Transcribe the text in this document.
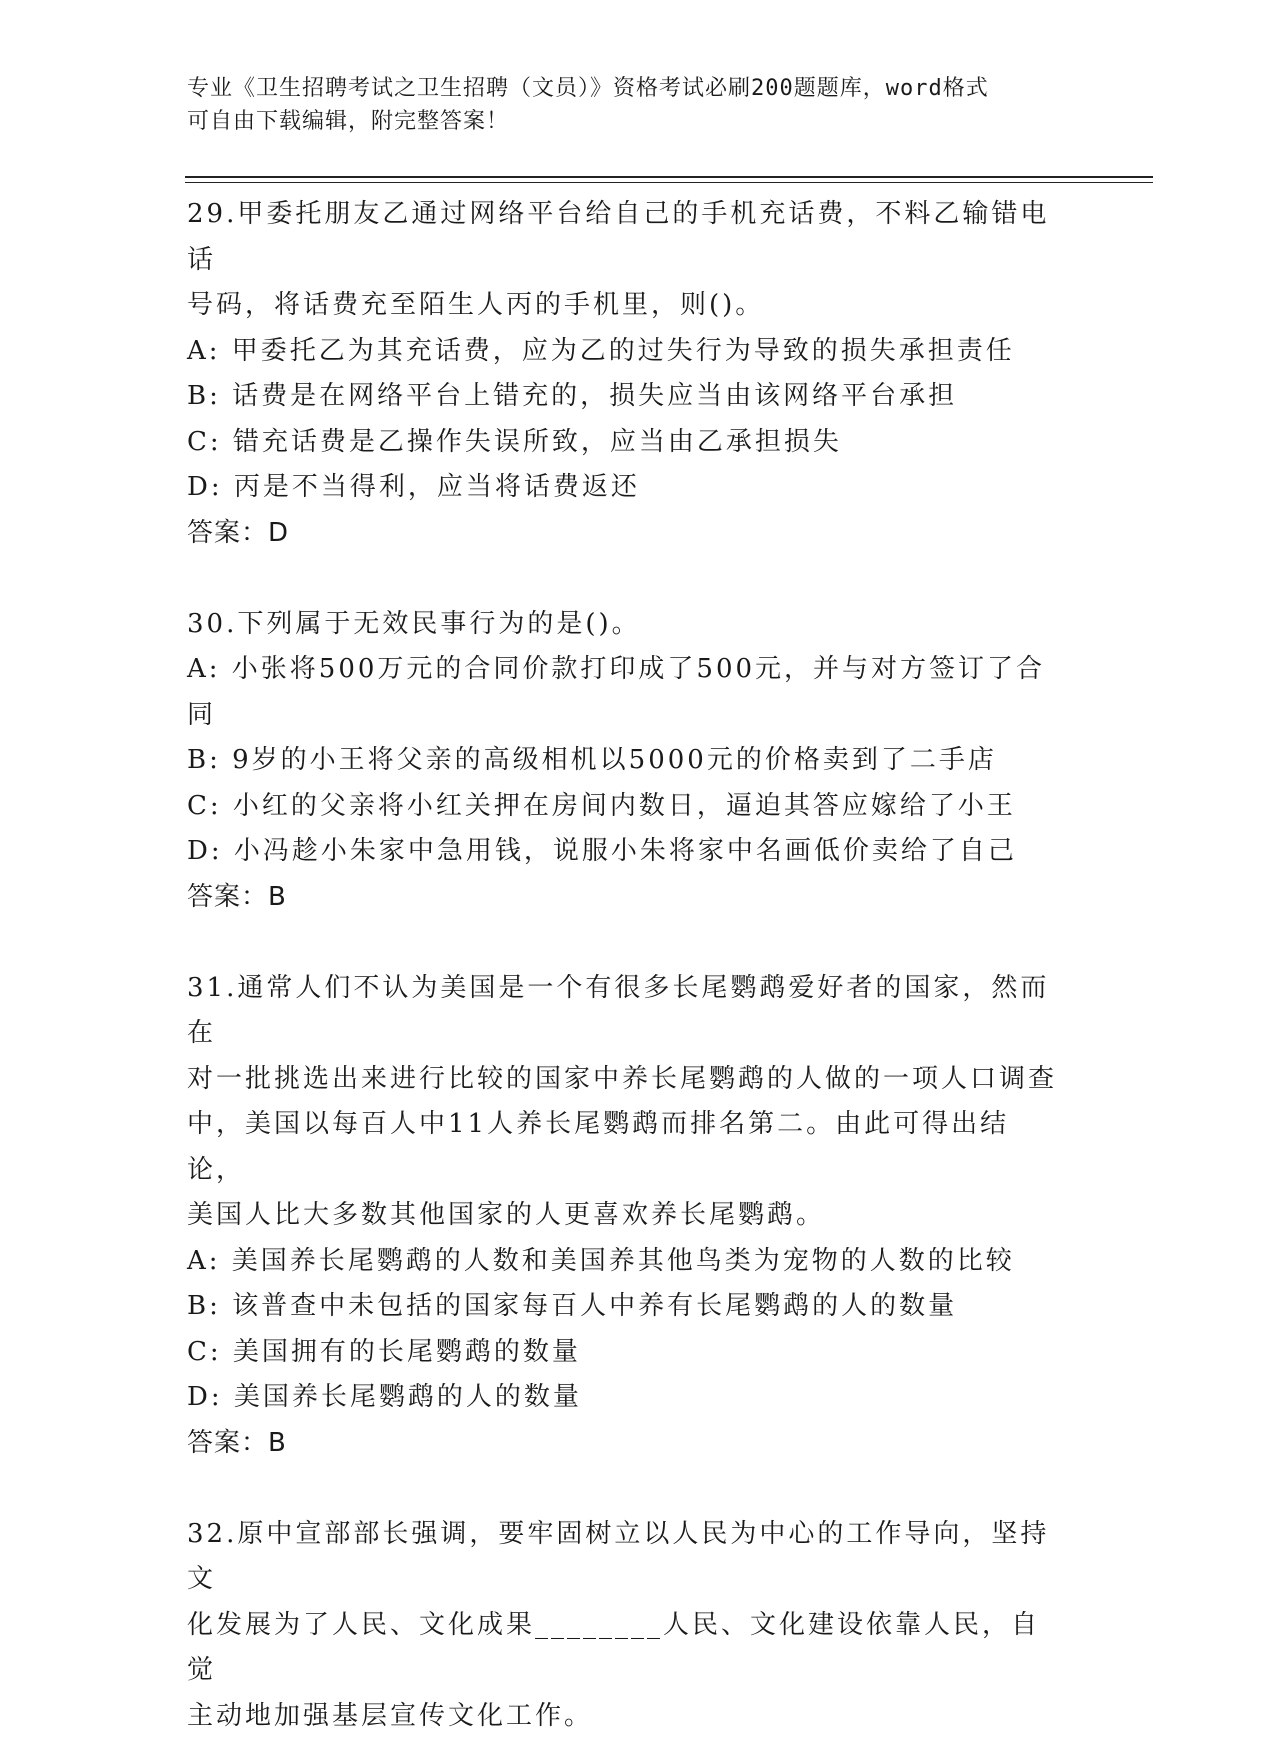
专业《卫生招聘考试之卫生招聘（文员）》资格考试必刷200题题库，word格式
可自由下载编辑，附完整答案！

29.甲委托朋友乙通过网络平台给自己的手机充话费，不料乙输错电话

号码，将话费充至陌生人丙的手机里，则()。

A: 甲委托乙为其充话费，应为乙的过失行为导致的损失承担责任

B: 话费是在网络平台上错充的，损失应当由该网络平台承担

C: 错充话费是乙操作失误所致，应当由乙承担损失

D: 丙是不当得利，应当将话费返还

答案：D

30.下列属于无效民事行为的是()。

A: 小张将500万元的合同价款打印成了500元，并与对方签订了合同

B: 9岁的小王将父亲的高级相机以5000元的价格卖到了二手店

C: 小红的父亲将小红关押在房间内数日，逼迫其答应嫁给了小王

D: 小冯趁小朱家中急用钱，说服小朱将家中名画低价卖给了自己

答案：B

31.通常人们不认为美国是一个有很多长尾鹦鹉爱好者的国家，然而在

对一批挑选出来进行比较的国家中养长尾鹦鹉的人做的一项人口调查

中，美国以每百人中11人养长尾鹦鹉而排名第二。由此可得出结论，

美国人比大多数其他国家的人更喜欢养长尾鹦鹉。

A: 美国养长尾鹦鹉的人数和美国养其他鸟类为宠物的人数的比较

B: 该普查中未包括的国家每百人中养有长尾鹦鹉的人的数量

C: 美国拥有的长尾鹦鹉的数量

D: 美国养长尾鹦鹉的人的数量

答案：B

32.原中宣部部长强调，要牢固树立以人民为中心的工作导向，坚持文

化发展为了人民、文化成果________人民、文化建设依靠人民，自觉

主动地加强基层宣传文化工作。
